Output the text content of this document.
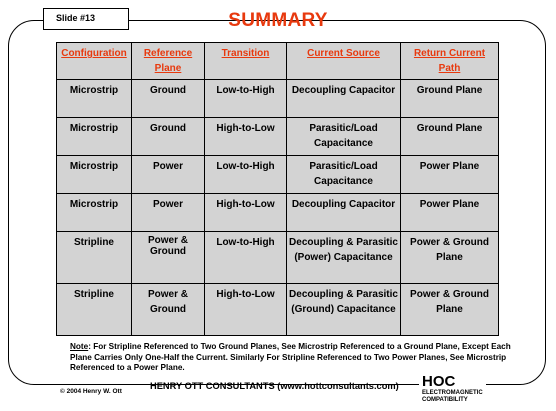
Slide #13	SUMMARY
Configuration	Reference Plane	Transition	Current Source	Return Current Path
Microstrip	Ground	Low-to-High	Decoupling Capacitor	Ground Plane
Microstrip	Ground	High-to-Low	Parasitic/Load Capacitance	Ground Plane
Microstrip	Power	Low-to-High	Parasitic/Load Capacitance	Power Plane
Microstrip	Power	High-to-Low	Decoupling Capacitor	Power Plane
Stripline	Power & Ground	Low-to-High	Decoupling & Parasitic (Power) Capacitance	Power & Ground Plane
Stripline	Power & Ground	High-to-Low	Decoupling & Parasitic (Ground) Capacitance	Power & Ground Plane
Note: For Stripline Referenced to Two Ground Planes, See Microstrip Referenced to a Ground Plane, Except Each Plane Carries Only One-Half the Current. Similarly For Stripline Referenced to Two Power Planes, See Microstrip Referenced to a Power Plane.
© 2004 Henry W. Ott
HENRY OTT CONSULTANTS (www.hottconsultants.com) HOC
ELECTROMAGNETIC
COMPATIBILITY
